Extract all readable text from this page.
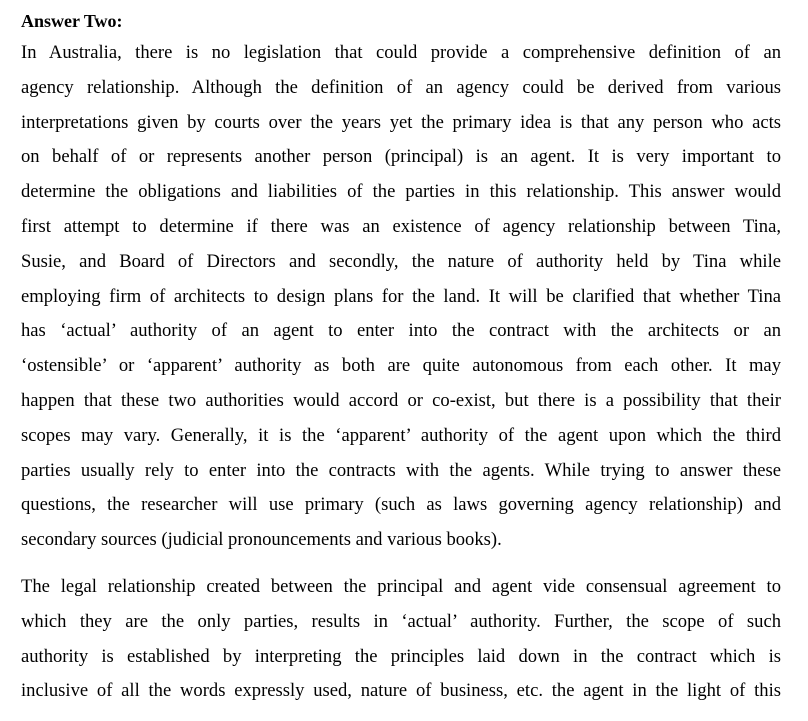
Answer Two:

In Australia, there is no legislation that could provide a comprehensive definition of an
agency relationship. Although the definition of an agency could be derived from various
interpretations given by courts over the years yet the primary idea is that any person who acts
on behalf of or represents another person (principal) is an agent. It is very important to
determine the obligations and liabilities of the parties in this relationship. This answer would
first attempt to determine if there was an existence of agency relationship between Tina,
Susie, and Board of Directors and secondly, the nature of authority held by Tina while
employing firm of architects to design plans for the land. It will be clarified that whether Tina
has ‘actual’ authority of an agent to enter into the contract with the architects or an
‘ostensible’ or ‘apparent’ authority as both are quite autonomous from each other. It may
happen that these two authorities would accord or co-exist, but there is a possibility that their
scopes may vary. Generally, it is the ‘apparent’ authority of the agent upon which the third
parties usually rely to enter into the contracts with the agents. While trying to answer these
questions, the researcher will use primary (such as laws governing agency relationship) and
secondary sources (judicial pronouncements and various books).

The legal relationship created between the principal and agent vide consensual agreement to
which they are the only parties, results in ‘actual’ authority. Further, the scope of such
authority is established by interpreting the principles laid down in the contract which is
inclusive of all the words expressly used, nature of business, etc. the agent in the light of this
